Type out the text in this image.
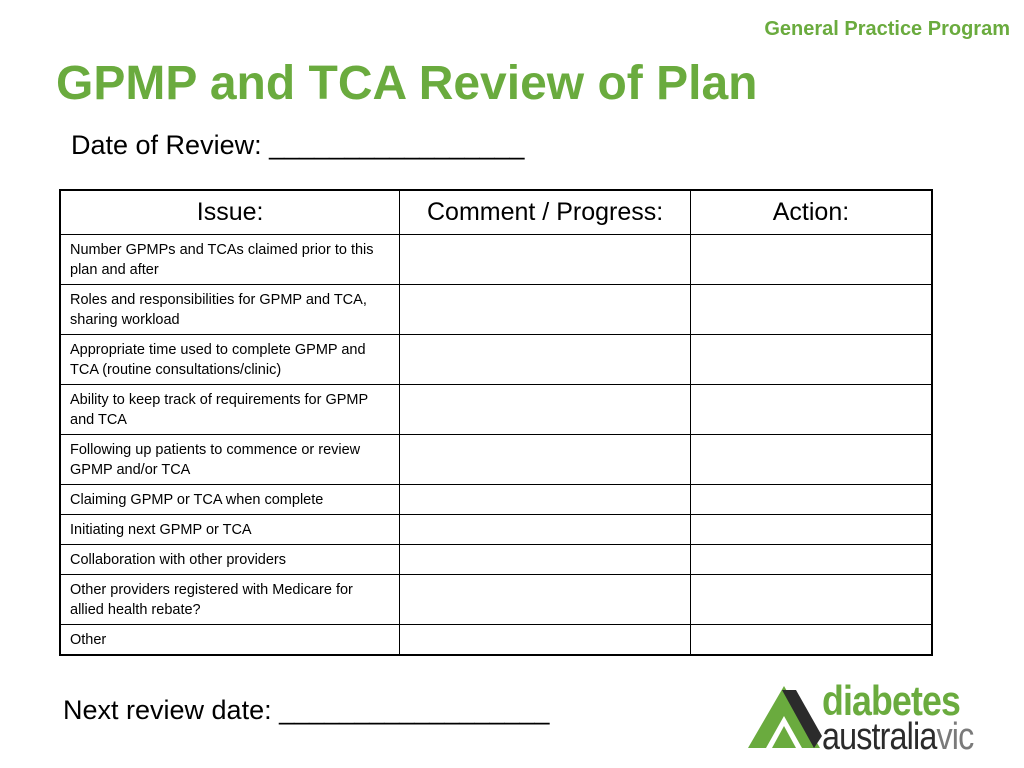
General Practice Program
GPMP and TCA Review of Plan
Date of Review: _________________
Issue:	Comment / Progress:	Action:
Number GPMPs and TCAs claimed prior to this plan and after		
Roles and responsibilities for GPMP and TCA, sharing workload		
Appropriate time used to complete GPMP and TCA (routine consultations/clinic)		
Ability to keep track of requirements for GPMP and TCA		
Following up patients to commence or review GPMP and/or TCA		
Claiming GPMP or TCA when complete		
Initiating next GPMP or TCA		
Collaboration with other providers		
Other providers registered with Medicare for allied health rebate?		
Other		
Next review date: __________________	diabetes
australiavic
